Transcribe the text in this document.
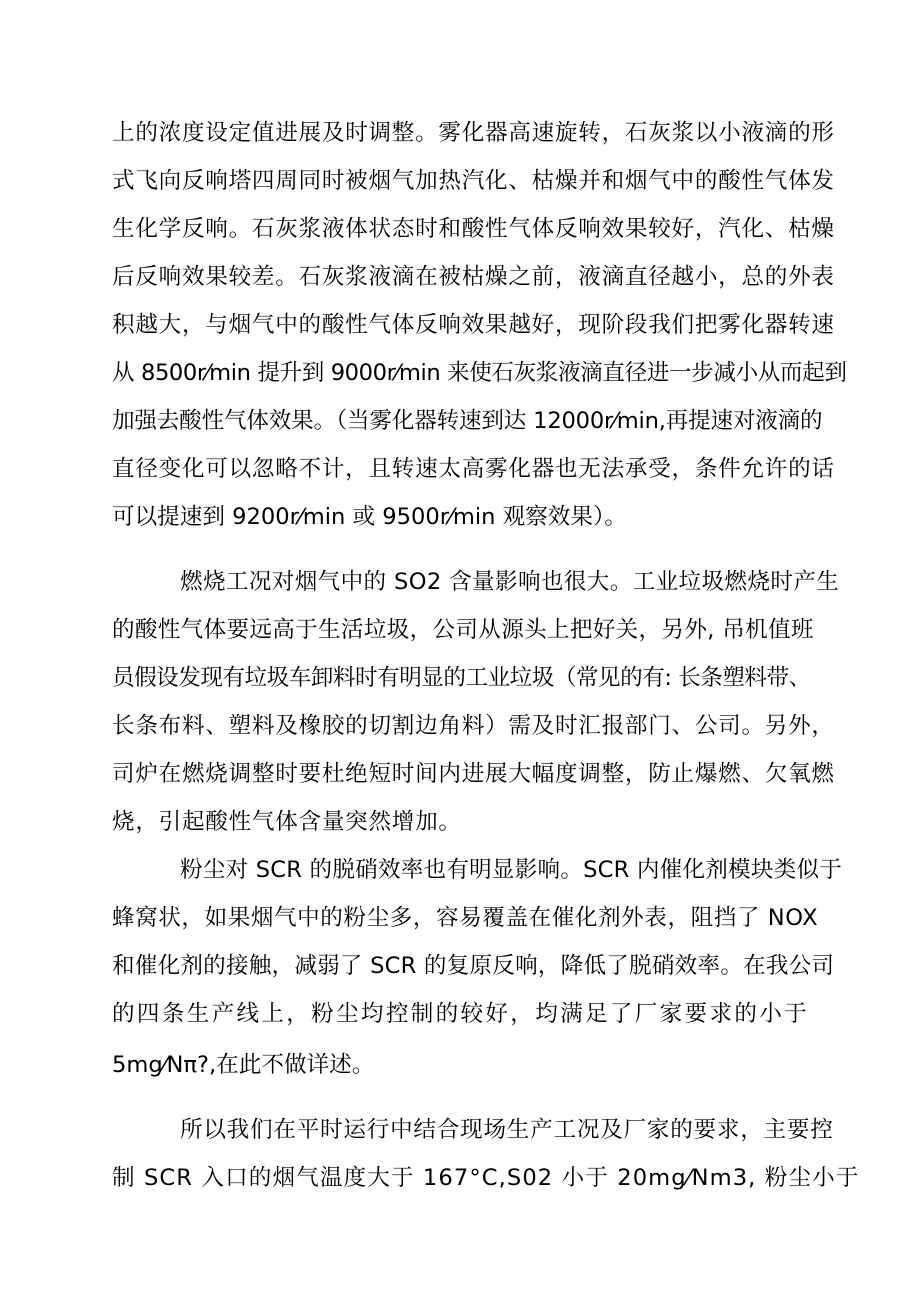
上的浓度设定值进展及时调整。雾化器高速旋转，石灰浆以小液滴的形
式飞向反响塔四周同时被烟气加热汽化、枯燥并和烟气中的酸性气体发
生化学反响。石灰浆液体状态时和酸性气体反响效果较好，汽化、枯燥
后反响效果较差。石灰浆液滴在被枯燥之前，液滴直径越小，总的外表
积越大，与烟气中的酸性气体反响效果越好，现阶段我们把雾化器转速
从 8500r⁄min 提升到 9000r⁄min 来使石灰浆液滴直径进一步减小从而起到
加强去酸性气体效果。（当雾化器转速到达 12000r⁄min,再提速对液滴的
直径变化可以忽略不计，且转速太高雾化器也无法承受，条件允许的话
可以提速到 9200r⁄min 或 9500r⁄min 观察效果）。
燃烧工况对烟气中的 SO2 含量影响也很大。工业垃圾燃烧时产生
的酸性气体要远高于生活垃圾，公司从源头上把好关，另外, 吊机值班
员假设发现有垃圾车卸料时有明显的工业垃圾（常见的有: 长条塑料带、
长条布料、塑料及橡胶的切割边角料）需及时汇报部门、公司。另外，
司炉在燃烧调整时要杜绝短时间内进展大幅度调整，防止爆燃、欠氧燃
烧，引起酸性气体含量突然增加。
粉尘对 SCR 的脱硝效率也有明显影响。SCR 内催化剂模块类似于
蜂窝状，如果烟气中的粉尘多，容易覆盖在催化剂外表，阻挡了 NOX
和催化剂的接触，减弱了 SCR 的复原反响，降低了脱硝效率。在我公司
的四条生产线上，粉尘均控制的较好，均满足了厂家要求的小于
5mg⁄Nπ?,在此不做详述。
所以我们在平时运行中结合现场生产工况及厂家的要求，主要控
制 SCR 入口的烟气温度大于 167°C,S02 小于 20mg⁄Nm3, 粉尘小于
